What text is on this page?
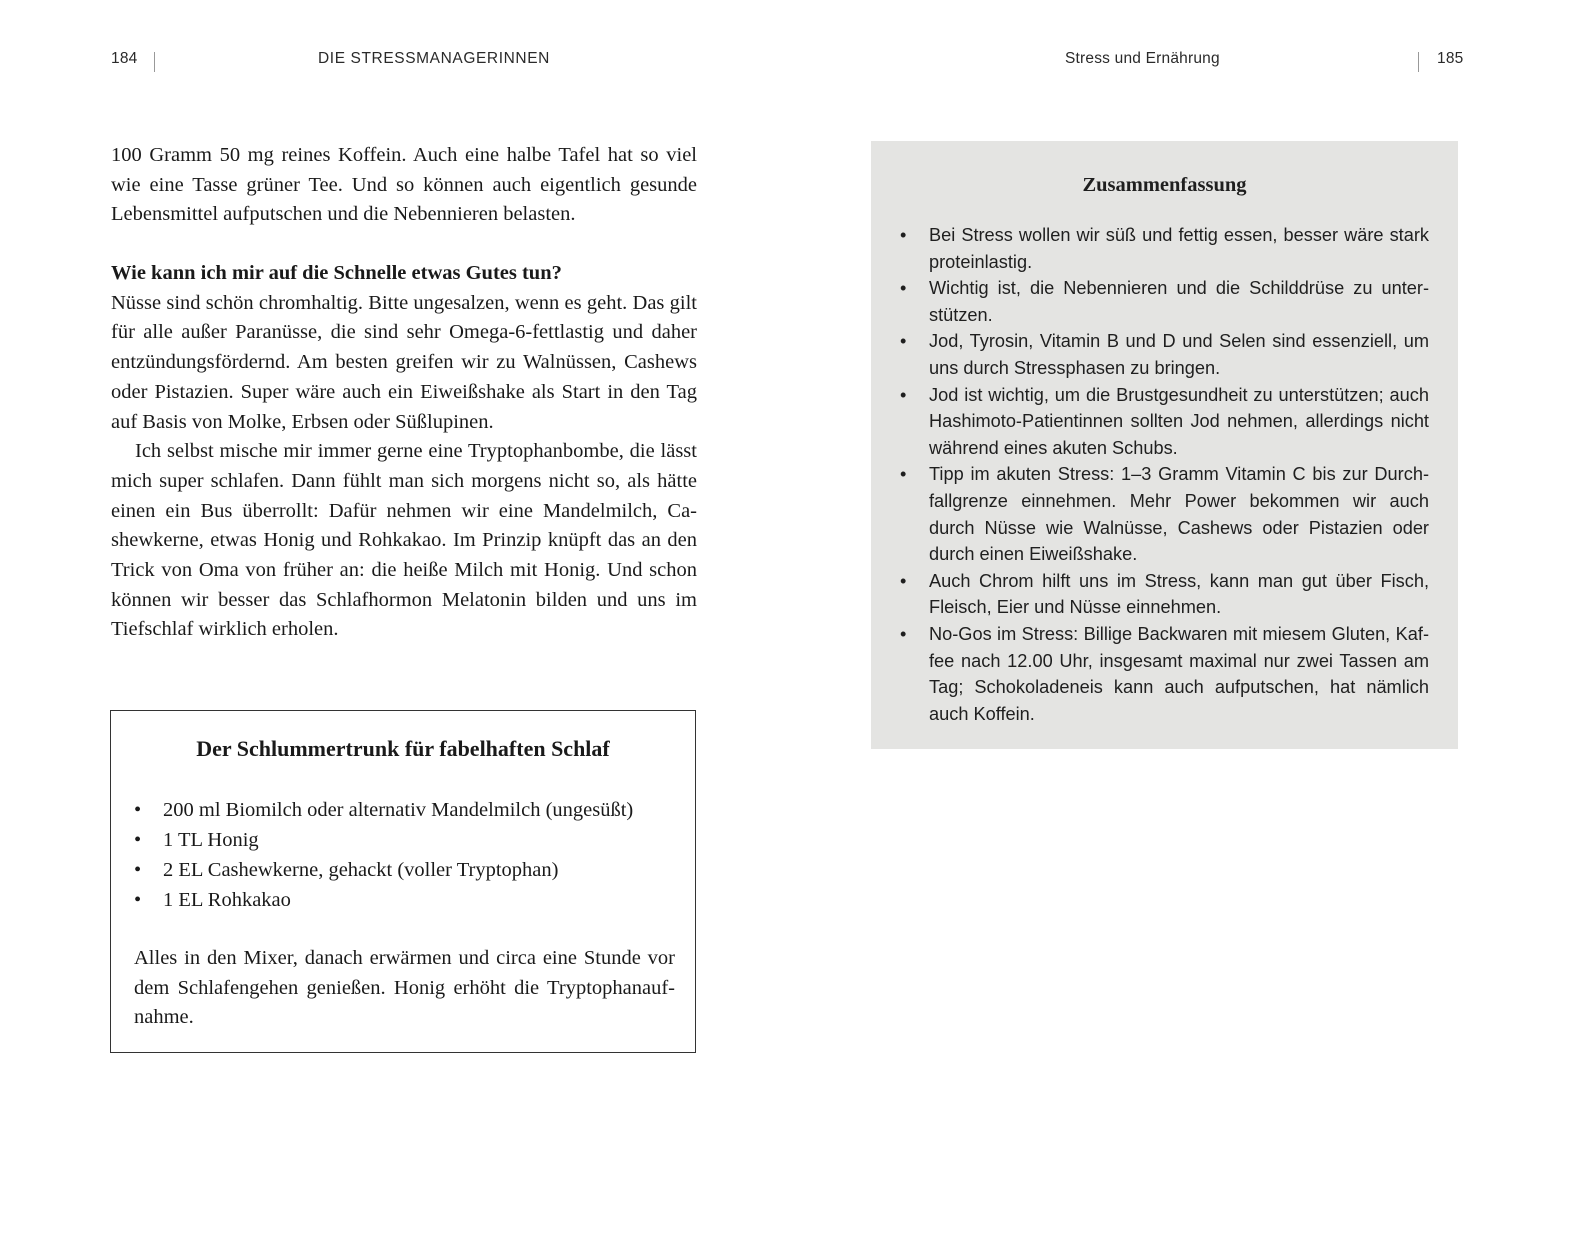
184	DIE STRESSMANAGERINNEN

100 Gramm 50 mg reines Koffein. Auch eine halbe Tafel hat so viel wie eine Tasse grüner Tee. Und so können auch eigentlich gesunde Lebensmittel aufputschen und die Nebennieren belasten.

Wie kann ich mir auf die Schnelle etwas Gutes tun?

Nüsse sind schön chromhaltig. Bitte ungesalzen, wenn es geht. Das gilt für alle außer Paranüsse, die sind sehr Omega-6-fettlastig und daher entzündungsfördernd. Am besten greifen wir zu Walnüssen, Cashews oder Pistazien. Super wäre auch ein Eiweißshake als Start in den Tag auf Basis von Molke, Erbsen oder Süßlupinen.

Ich selbst mische mir immer gerne eine Tryptophanbombe, die lässt mich super schlafen. Dann fühlt man sich morgens nicht so, als hätte einen ein Bus überrollt: Dafür nehmen wir eine Mandelmilch, Cashewkerne, etwas Honig und Rohkakao. Im Prinzip knüpft das an den Trick von Oma von früher an: die heiße Milch mit Honig. Und schon können wir besser das Schlafhormon Melatonin bilden und uns im Tiefschlaf wirklich erholen.

Der Schlummertrunk für fabelhaften Schlaf
• 200 ml Biomilch oder alternativ Mandelmilch (ungesüßt)
• 1 TL Honig
• 2 EL Cashewkerne, gehackt (voller Tryptophan)
• 1 EL Rohkakao

Alles in den Mixer, danach erwärmen und circa eine Stunde vor dem Schlafengehen genießen. Honig erhöht die Tryptophanaufnahme.

Stress und Ernährung	185
Zusammenfassung
• Bei Stress wollen wir süß und fettig essen, besser wäre stark proteinlastig.
• Wichtig ist, die Nebennieren und die Schilddrüse zu unterstützen.
• Jod, Tyrosin, Vitamin B und D und Selen sind essenziell, um uns durch Stressphasen zu bringen.
• Jod ist wichtig, um die Brustgesundheit zu unterstützen; auch Hashimoto-Patientinnen sollten Jod nehmen, allerdings nicht während eines akuten Schubs.
• Tipp im akuten Stress: 1–3 Gramm Vitamin C bis zur Durchfallgrenze einnehmen. Mehr Power bekommen wir auch durch Nüsse wie Walnüsse, Cashews oder Pistazien oder durch einen Eiweißshake.
• Auch Chrom hilft uns im Stress, kann man gut über Fisch, Fleisch, Eier und Nüsse einnehmen.
• No-Gos im Stress: Billige Backwaren mit miesem Gluten, Kaffee nach 12.00 Uhr, insgesamt maximal nur zwei Tassen am Tag; Schokoladeneis kann auch aufputschen, hat nämlich auch Koffein.
